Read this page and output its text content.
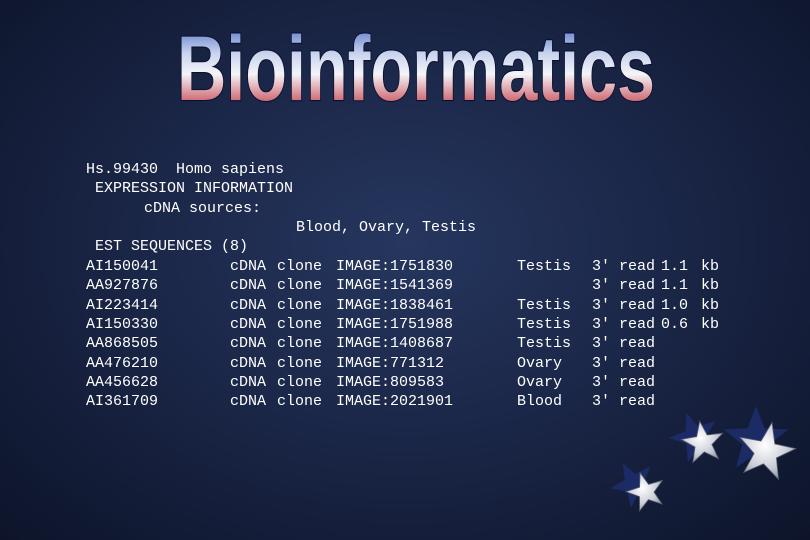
Bioinformatics
Hs.99430  Homo sapiens
EXPRESSION INFORMATION
cDNA sources:
Blood, Ovary, Testis
EST SEQUENCES (8)
AI150041	cDNA clone IMAGE:1751830	Testis 3' read 1.1 kb
AA927876	cDNA clone IMAGE:1541369	3' read 1.1 kb
AI223414	cDNA clone IMAGE:1838461	Testis 3' read 1.0 kb
AI150330	cDNA clone IMAGE:1751988	Testis 3' read 0.6 kb
AA868505	cDNA clone IMAGE:1408687	Testis 3' read
AA476210	cDNA clone IMAGE:771312	Ovary 3' read
AA456628	cDNA clone IMAGE:809583	Ovary 3' read
AI361709	cDNA clone IMAGE:2021901	Blood 3' read
